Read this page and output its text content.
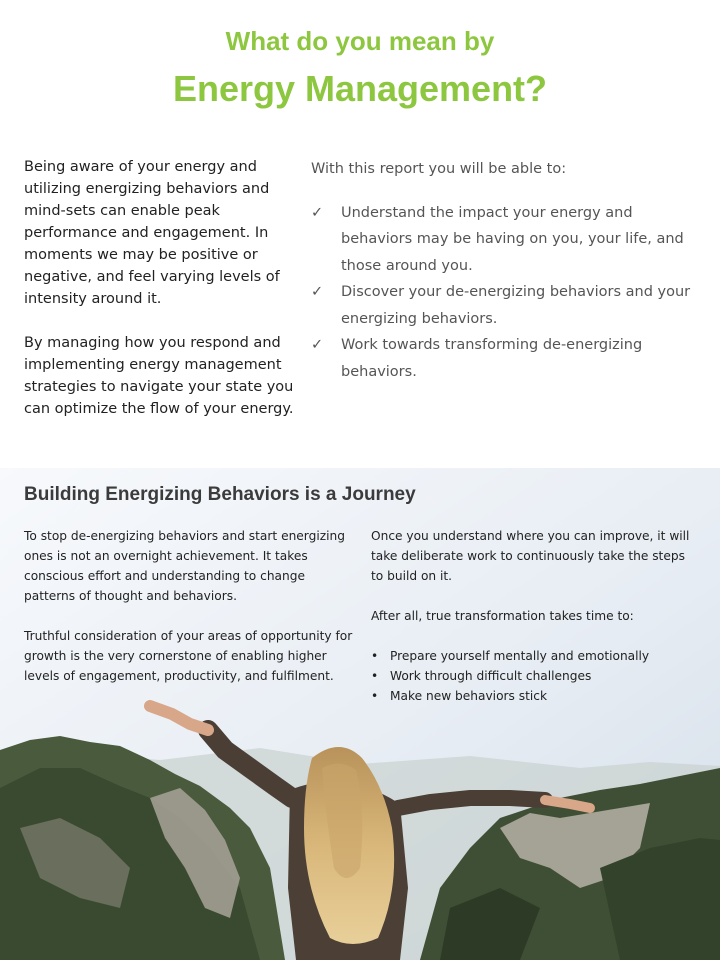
What do you mean by
Energy Management?

Being aware of your energy and utilizing energizing behaviors and mind-sets can enable peak performance and engagement. In moments we may be positive or negative, and feel varying levels of intensity around it.

By managing how you respond and implementing energy management strategies to navigate your state you can optimize the flow of your energy.

With this report you will be able to:
✓ Understand the impact your energy and behaviors may be having on you, your life, and those around you.
✓ Discover your de-energizing behaviors and your energizing behaviors.
✓ Work towards transforming de-energizing behaviors.
Building Energizing Behaviors is a Journey

To stop de-energizing behaviors and start energizing ones is not an overnight achievement. It takes conscious effort and understanding to change patterns of thought and behaviors.

Truthful consideration of your areas of opportunity for growth is the very cornerstone of enabling higher levels of engagement, productivity, and fulfilment.

Once you understand where you can improve, it will take deliberate work to continuously take the steps to build on it.

After all, true transformation takes time to:

• Prepare yourself mentally and emotionally
• Work through difficult challenges
• Make new behaviors stick
